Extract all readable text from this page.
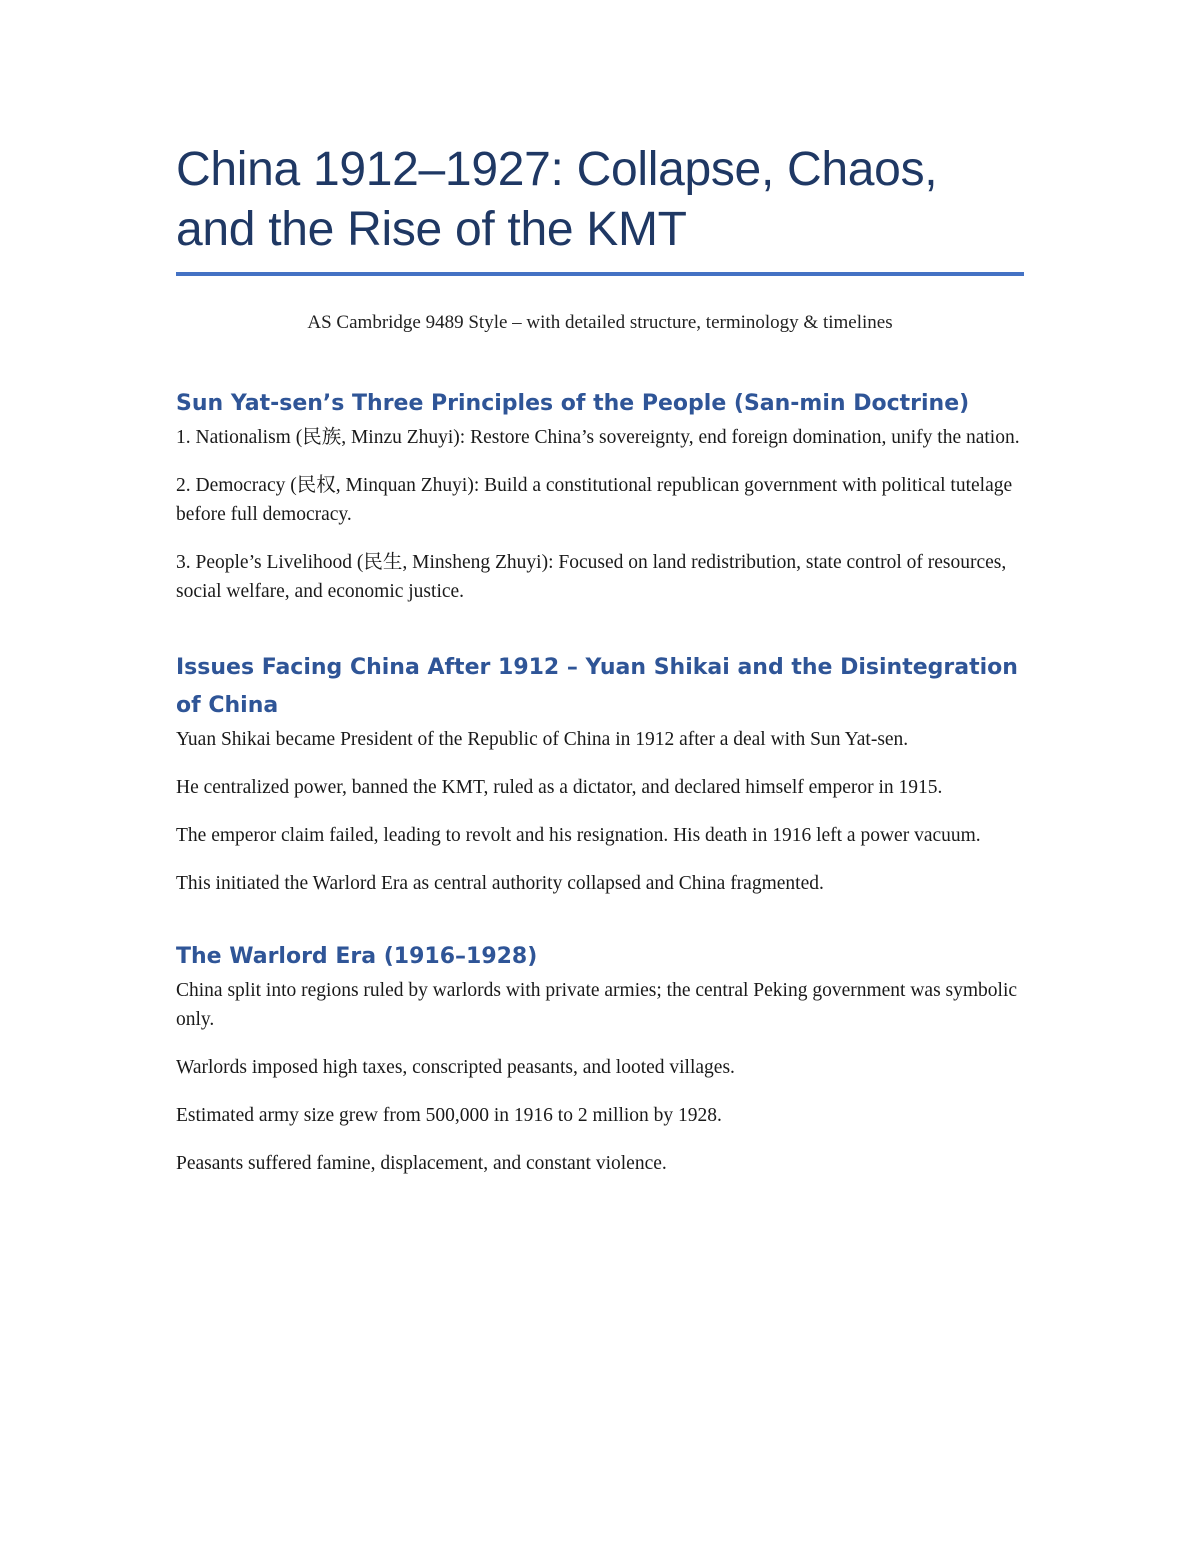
China 1912–1927: Collapse, Chaos, and the Rise of the KMT

AS Cambridge 9489 Style – with detailed structure, terminology & timelines

Sun Yat-sen’s Three Principles of the People (San-min Doctrine)

1. Nationalism (民族, Minzu Zhuyi): Restore China’s sovereignty, end foreign domination, unify the nation.

2. Democracy (民权, Minquan Zhuyi): Build a constitutional republican government with political tutelage before full democracy.

3. People’s Livelihood (民生, Minsheng Zhuyi): Focused on land redistribution, state control of resources, social welfare, and economic justice.

Issues Facing China After 1912 – Yuan Shikai and the Disintegration of China

Yuan Shikai became President of the Republic of China in 1912 after a deal with Sun Yat-sen.

He centralized power, banned the KMT, ruled as a dictator, and declared himself emperor in 1915.

The emperor claim failed, leading to revolt and his resignation. His death in 1916 left a power vacuum.

This initiated the Warlord Era as central authority collapsed and China fragmented.

The Warlord Era (1916–1928)

China split into regions ruled by warlords with private armies; the central Peking government was symbolic only.

Warlords imposed high taxes, conscripted peasants, and looted villages.

Estimated army size grew from 500,000 in 1916 to 2 million by 1928.

Peasants suffered famine, displacement, and constant violence.
